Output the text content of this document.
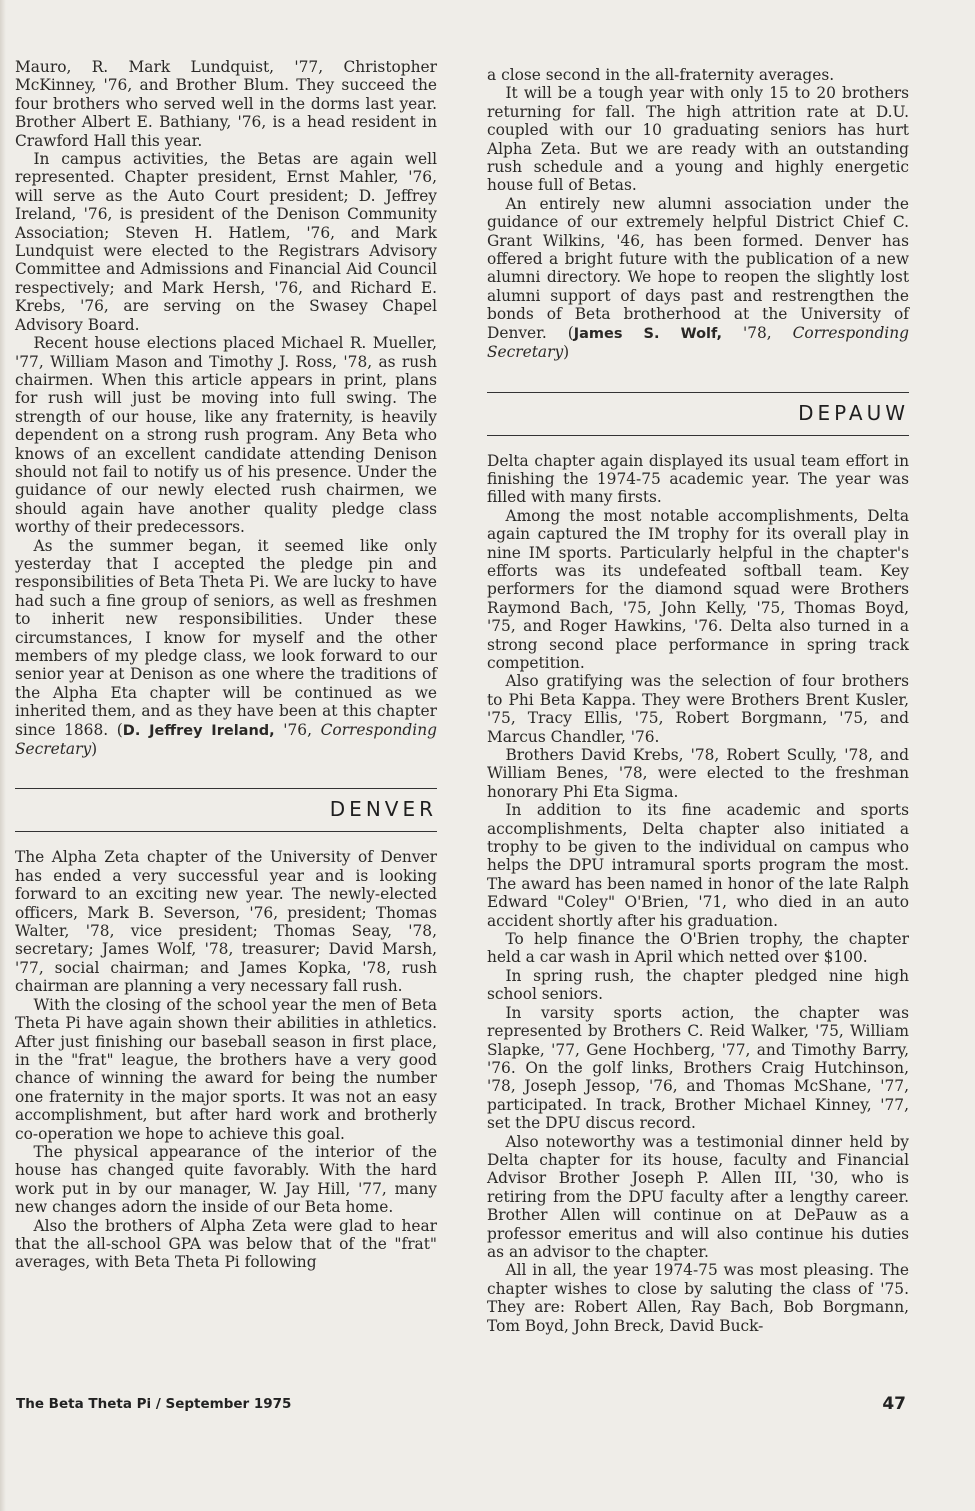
Mauro, R. Mark Lundquist, '77, Christopher McKinney, '76, and Brother Blum. They succeed the four brothers who served well in the dorms last year. Brother Albert E. Bathiany, '76, is a head resident in Crawford Hall this year.

In campus activities, the Betas are again well represented. Chapter president, Ernst Mahler, '76, will serve as the Auto Court president; D. Jeffrey Ireland, '76, is president of the Denison Community Association; Steven H. Hatlem, '76, and Mark Lundquist were elected to the Registrars Advisory Committee and Admissions and Financial Aid Council respectively; and Mark Hersh, '76, and Richard E. Krebs, '76, are serving on the Swasey Chapel Advisory Board.

Recent house elections placed Michael R. Mueller, '77, William Mason and Timothy J. Ross, '78, as rush chairmen. When this article appears in print, plans for rush will just be moving into full swing. The strength of our house, like any fraternity, is heavily dependent on a strong rush program. Any Beta who knows of an excellent candidate attending Denison should not fail to notify us of his presence. Under the guidance of our newly elected rush chairmen, we should again have another quality pledge class worthy of their predecessors.

As the summer began, it seemed like only yesterday that I accepted the pledge pin and responsibilities of Beta Theta Pi. We are lucky to have had such a fine group of seniors, as well as freshmen to inherit new responsibilities. Under these circumstances, I know for myself and the other members of my pledge class, we look forward to our senior year at Denison as one where the traditions of the Alpha Eta chapter will be continued as we inherited them, and as they have been at this chapter since 1868. (D. Jeffrey Ireland, '76, Corresponding Secretary)

DENVER

The Alpha Zeta chapter of the University of Denver has ended a very successful year and is looking forward to an exciting new year. The newly-elected officers, Mark B. Severson, '76, president; Thomas Walter, '78, vice president; Thomas Seay, '78, secretary; James Wolf, '78, treasurer; David Marsh, '77, social chairman; and James Kopka, '78, rush chairman are planning a very necessary fall rush.

With the closing of the school year the men of Beta Theta Pi have again shown their abilities in athletics. After just finishing our baseball season in first place, in the "frat" league, the brothers have a very good chance of winning the award for being the number one fraternity in the major sports. It was not an easy accomplishment, but after hard work and brotherly co-operation we hope to achieve this goal.

The physical appearance of the interior of the house has changed quite favorably. With the hard work put in by our manager, W. Jay Hill, '77, many new changes adorn the inside of our Beta home.

Also the brothers of Alpha Zeta were glad to hear that the all-school GPA was below that of the "frat" averages, with Beta Theta Pi following

a close second in the all-fraternity averages.

It will be a tough year with only 15 to 20 brothers returning for fall. The high attrition rate at D.U. coupled with our 10 graduating seniors has hurt Alpha Zeta. But we are ready with an outstanding rush schedule and a young and highly energetic house full of Betas.

An entirely new alumni association under the guidance of our extremely helpful District Chief C. Grant Wilkins, '46, has been formed. Denver has offered a bright future with the publication of a new alumni directory. We hope to reopen the slightly lost alumni support of days past and restrengthen the bonds of Beta brotherhood at the University of Denver. (James S. Wolf, '78, Corresponding Secretary)

DEPAUW

Delta chapter again displayed its usual team effort in finishing the 1974-75 academic year. The year was filled with many firsts.

Among the most notable accomplishments, Delta again captured the IM trophy for its overall play in nine IM sports. Particularly helpful in the chapter's efforts was its undefeated softball team. Key performers for the diamond squad were Brothers Raymond Bach, '75, John Kelly, '75, Thomas Boyd, '75, and Roger Hawkins, '76. Delta also turned in a strong second place performance in spring track competition.

Also gratifying was the selection of four brothers to Phi Beta Kappa. They were Brothers Brent Kusler, '75, Tracy Ellis, '75, Robert Borgmann, '75, and Marcus Chandler, '76.

Brothers David Krebs, '78, Robert Scully, '78, and William Benes, '78, were elected to the freshman honorary Phi Eta Sigma.

In addition to its fine academic and sports accomplishments, Delta chapter also initiated a trophy to be given to the individual on campus who helps the DPU intramural sports program the most. The award has been named in honor of the late Ralph Edward "Coley" O'Brien, '71, who died in an auto accident shortly after his graduation.

To help finance the O'Brien trophy, the chapter held a car wash in April which netted over $100.

In spring rush, the chapter pledged nine high school seniors.

In varsity sports action, the chapter was represented by Brothers C. Reid Walker, '75, William Slapke, '77, Gene Hochberg, '77, and Timothy Barry, '76. On the golf links, Brothers Craig Hutchinson, '78, Joseph Jessop, '76, and Thomas McShane, '77, participated. In track, Brother Michael Kinney, '77, set the DPU discus record.

Also noteworthy was a testimonial dinner held by Delta chapter for its house, faculty and Financial Advisor Brother Joseph P. Allen III, '30, who is retiring from the DPU faculty after a lengthy career. Brother Allen will continue on at DePauw as a professor emeritus and will also continue his duties as an advisor to the chapter.

All in all, the year 1974-75 was most pleasing. The chapter wishes to close by saluting the class of '75. They are: Robert Allen, Ray Bach, Bob Borgmann, Tom Boyd, John Breck, David Buck-

The Beta Theta Pi / September 1975	47
